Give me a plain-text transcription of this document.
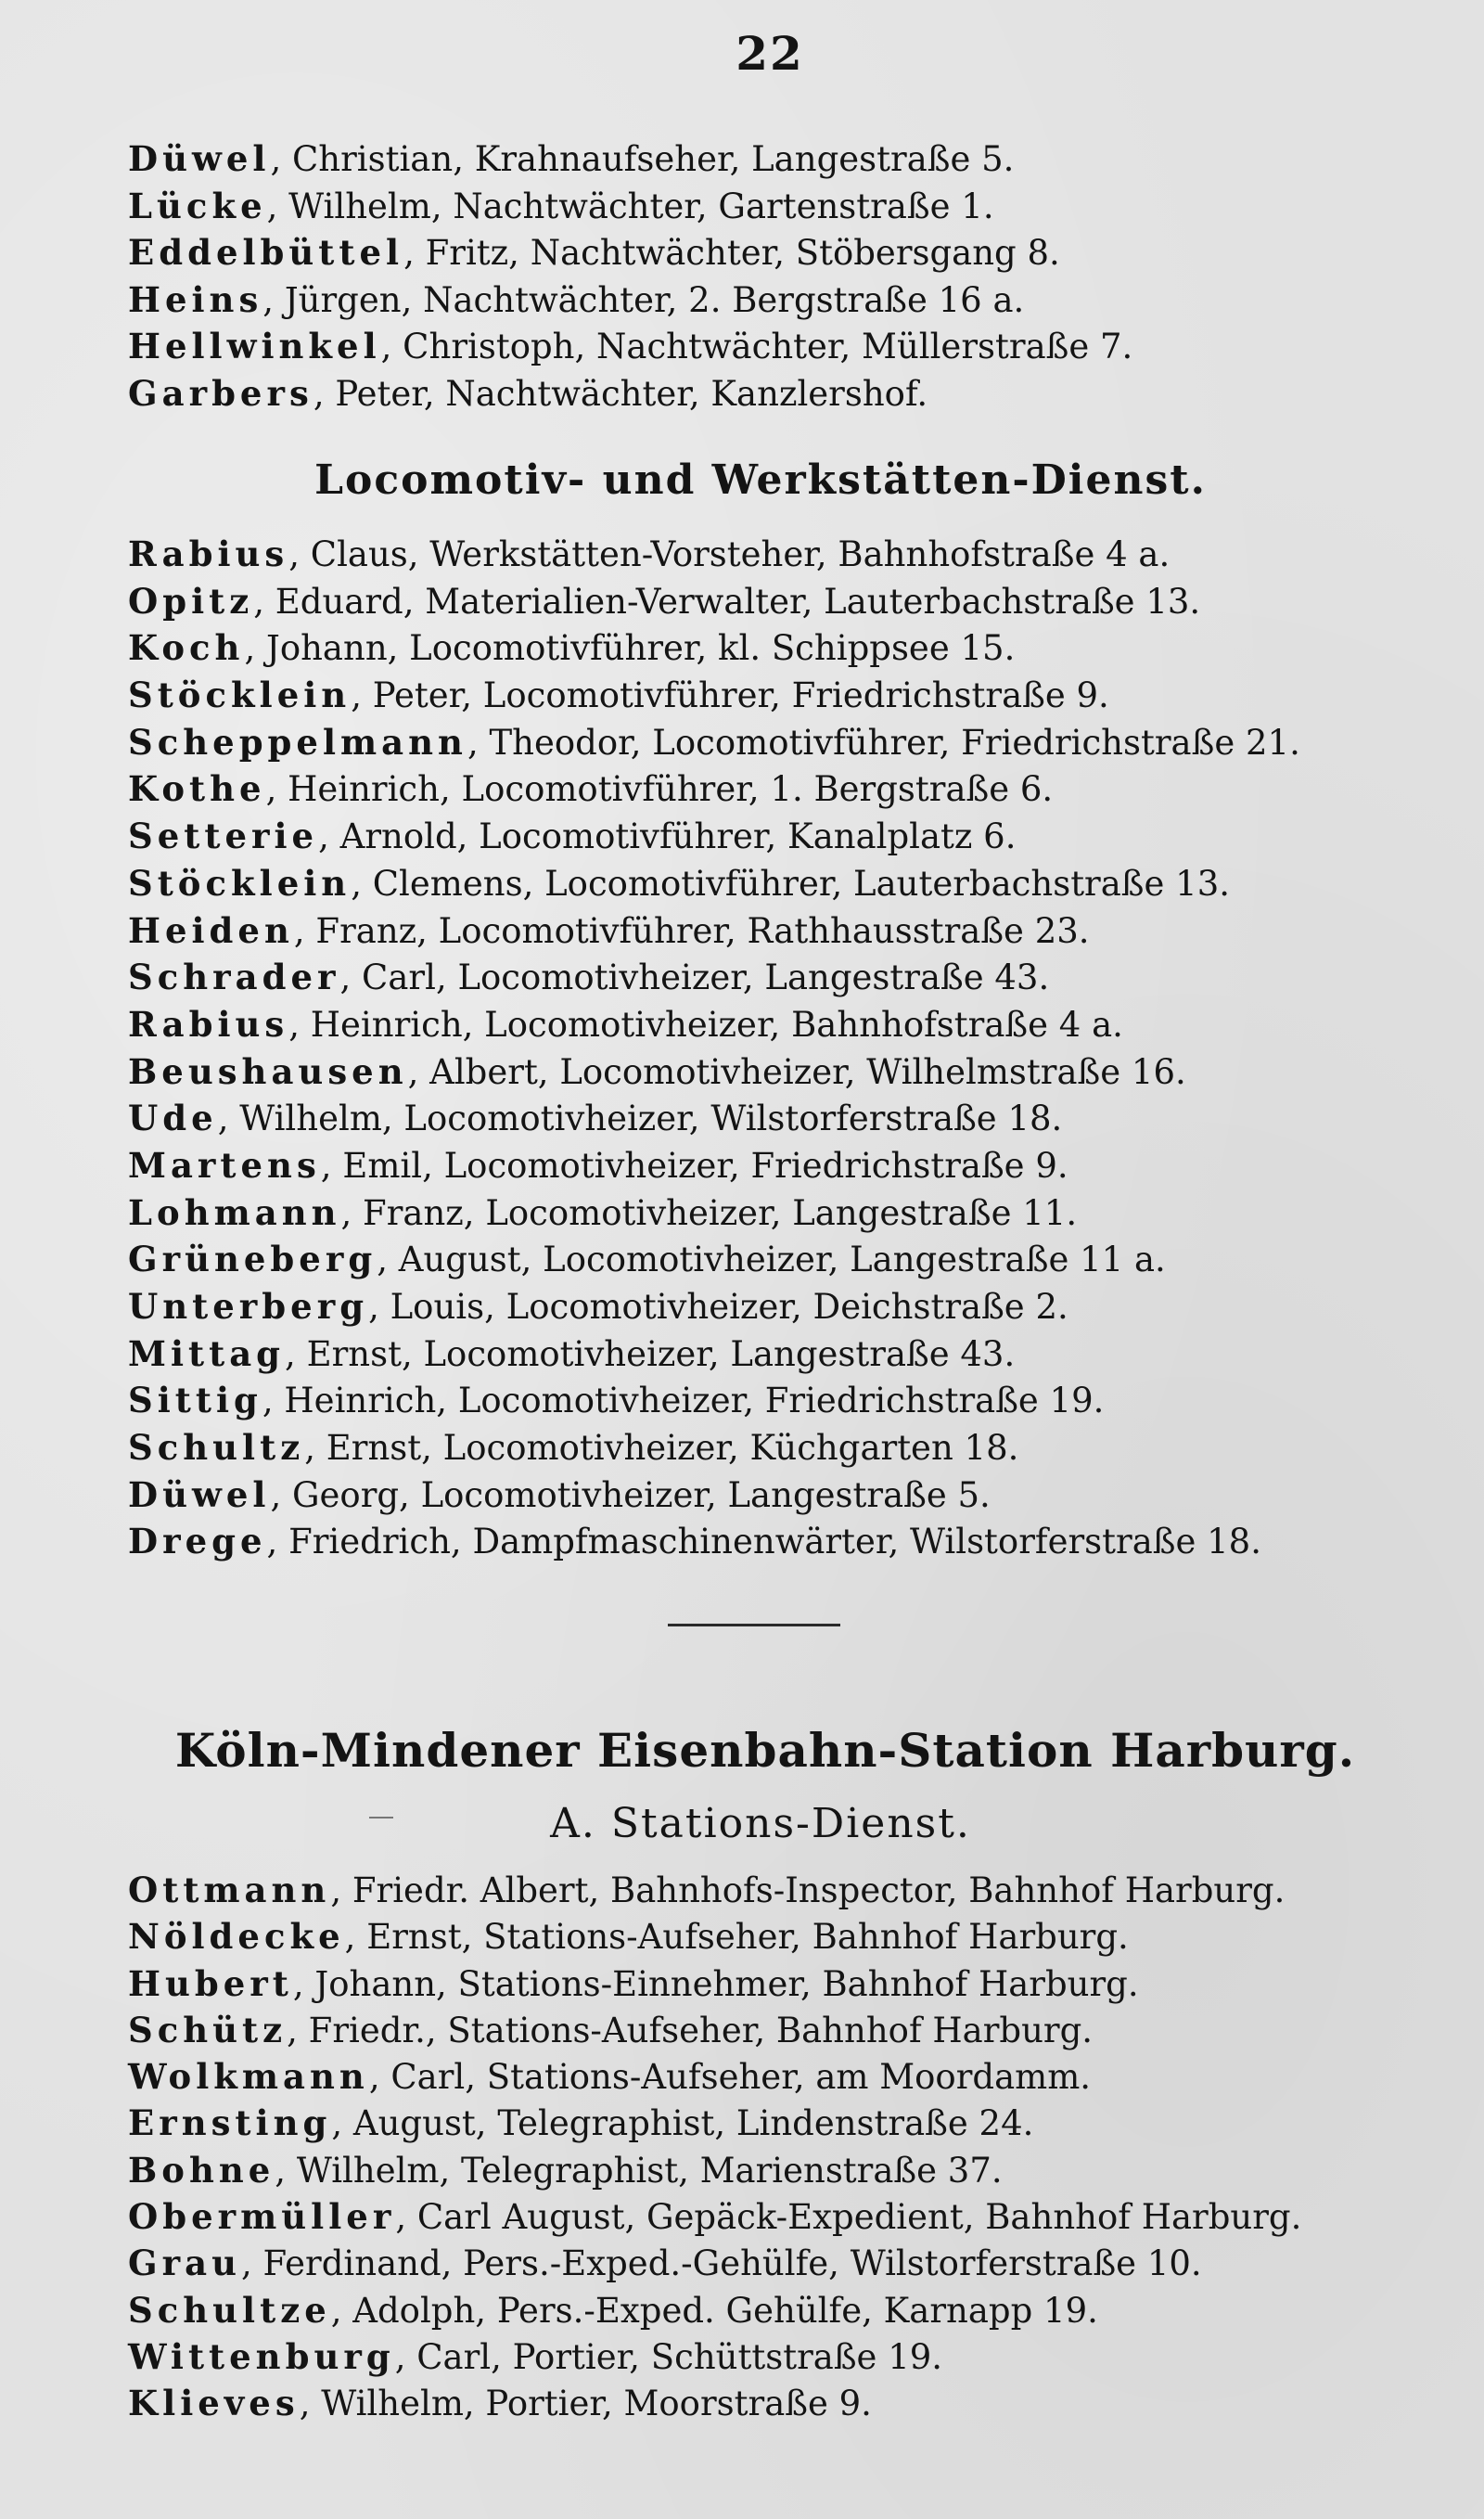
22
Düwel, Christian, Krahnaufseher, Langestraße 5.
Lücke, Wilhelm, Nachtwächter, Gartenstraße 1.
Eddelbüttel, Fritz, Nachtwächter, Stöbersgang 8.
Heins, Jürgen, Nachtwächter, 2. Bergstraße 16 a.
Hellwinkel, Christoph, Nachtwächter, Müllerstraße 7.
Garbers, Peter, Nachtwächter, Kanzlershof.
Locomotiv- und Werkstätten-Dienst.
Rabius, Claus, Werkstätten-Vorsteher, Bahnhofstraße 4 a.
Opitz, Eduard, Materialien-Verwalter, Lauterbachstraße 13.
Koch, Johann, Locomotivführer, kl. Schippsee 15.
Stöcklein, Peter, Locomotivführer, Friedrichstraße 9.
Scheppelmann, Theodor, Locomotivführer, Friedrichstraße 21.
Kothe, Heinrich, Locomotivführer, 1. Bergstraße 6.
Setterie, Arnold, Locomotivführer, Kanalplatz 6.
Stöcklein, Clemens, Locomotivführer, Lauterbachstraße 13.
Heiden, Franz, Locomotivführer, Rathhausstraße 23.
Schrader, Carl, Locomotivheizer, Langestraße 43.
Rabius, Heinrich, Locomotivheizer, Bahnhofstraße 4 a.
Beushausen, Albert, Locomotivheizer, Wilhelmstraße 16.
Ude, Wilhelm, Locomotivheizer, Wilstorferstraße 18.
Martens, Emil, Locomotivheizer, Friedrichstraße 9.
Lohmann, Franz, Locomotivheizer, Langestraße 11.
Grüneberg, August, Locomotivheizer, Langestraße 11 a.
Unterberg, Louis, Locomotivheizer, Deichstraße 2.
Mittag, Ernst, Locomotivheizer, Langestraße 43.
Sittig, Heinrich, Locomotivheizer, Friedrichstraße 19.
Schultz, Ernst, Locomotivheizer, Küchgarten 18.
Düwel, Georg, Locomotivheizer, Langestraße 5.
Drege, Friedrich, Dampfmaschinenwärter, Wilstorferstraße 18.
Köln-Mindener Eisenbahn-Station Harburg.
A. Stations-Dienst.
Ottmann, Friedr. Albert, Bahnhofs-Inspector, Bahnhof Harburg.
Nöldecke, Ernst, Stations-Aufseher, Bahnhof Harburg.
Hubert, Johann, Stations-Einnehmer, Bahnhof Harburg.
Schütz, Friedr., Stations-Aufseher, Bahnhof Harburg.
Wolkmann, Carl, Stations-Aufseher, am Moordamm.
Ernsting, August, Telegraphist, Lindenstraße 24.
Bohne, Wilhelm, Telegraphist, Marienstraße 37.
Obermüller, Carl August, Gepäck-Expedient, Bahnhof Harburg.
Grau, Ferdinand, Pers.-Exped.-Gehülfe, Wilstorferstraße 10.
Schultze, Adolph, Pers.-Exped. Gehülfe, Karnapp 19.
Wittenburg, Carl, Portier, Schüttstraße 19.
Klieves, Wilhelm, Portier, Moorstraße 9.
